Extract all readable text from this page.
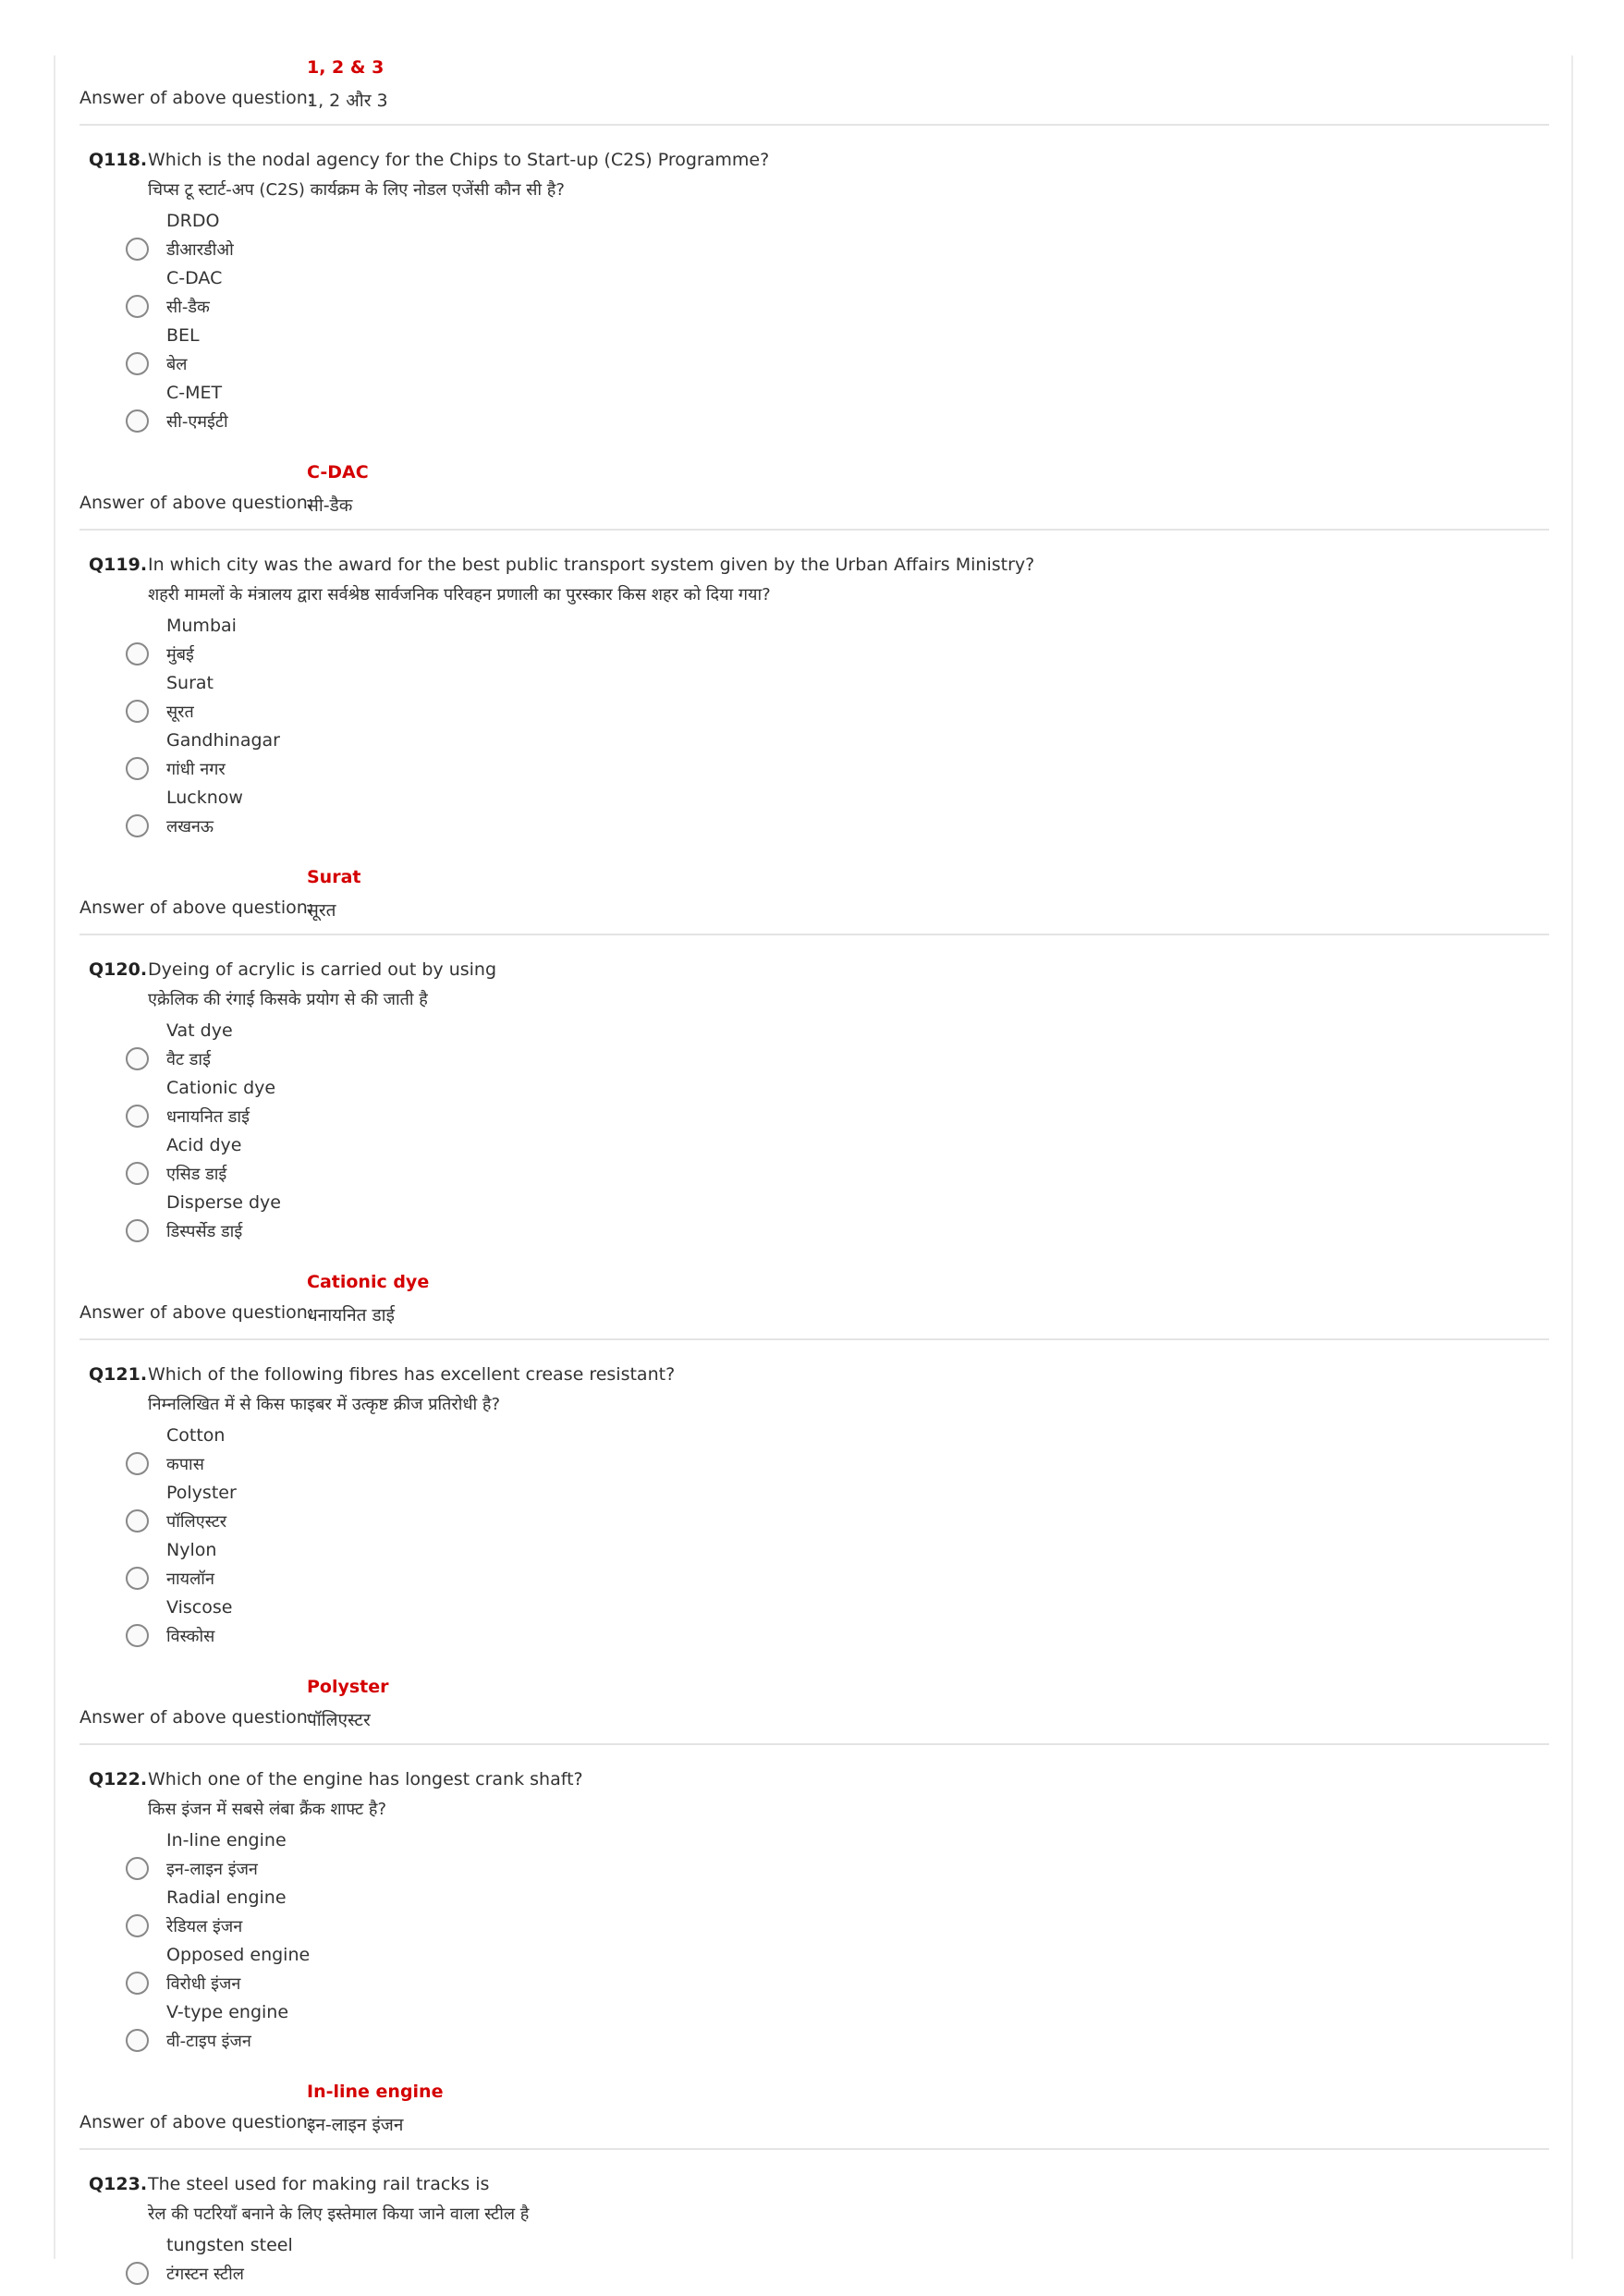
1, 2 & 3
Answer of above question:
1, 2 और 3
Q118. Which is the nodal agency for the Chips to Start-up (C2S) Programme?
चिप्स टू स्टार्ट-अप (C2S) कार्यक्रम के लिए नोडल एजेंसी कौन सी है?
DRDO
डीआरडीओ
C-DAC
सी-डैक
BEL
बेल
C-MET
सी-एमईटी
C-DAC
Answer of above question:
सी-डैक
Q119. In which city was the award for the best public transport system given by the Urban Affairs Ministry?
शहरी मामलों के मंत्रालय द्वारा सर्वश्रेष्ठ सार्वजनिक परिवहन प्रणाली का पुरस्कार किस शहर को दिया गया?
Mumbai
मुंबई
Surat
सूरत
Gandhinagar
गांधी नगर
Lucknow
लखनऊ
Surat
Answer of above question:
सूरत
Q120. Dyeing of acrylic is carried out by using
एक्रेलिक की रंगाई किसके प्रयोग से की जाती है
Vat dye
वैट डाई
Cationic dye
धनायनित डाई
Acid dye
एसिड डाई
Disperse dye
डिस्पर्सेड डाई
Cationic dye
Answer of above question:
धनायनित डाई
Q121. Which of the following fibres has excellent crease resistant?
निम्नलिखित में से किस फाइबर में उत्कृष्ट क्रीज प्रतिरोधी है?
Cotton
कपास
Polyster
पॉलिएस्टर
Nylon
नायलॉन
Viscose
विस्कोस
Polyster
Answer of above question:
पॉलिएस्टर
Q122. Which one of the engine has longest crank shaft?
किस इंजन में सबसे लंबा क्रैंक शाफ्ट है?
In-line engine
इन-लाइन इंजन
Radial engine
रेडियल इंजन
Opposed engine
विरोधी इंजन
V-type engine
वी-टाइप इंजन
In-line engine
Answer of above question:
इन-लाइन इंजन
Q123. The steel used for making rail tracks is
रेल की पटरियाँ बनाने के लिए इस्तेमाल किया जाने वाला स्टील है
tungsten steel
टंगस्टन स्टील
